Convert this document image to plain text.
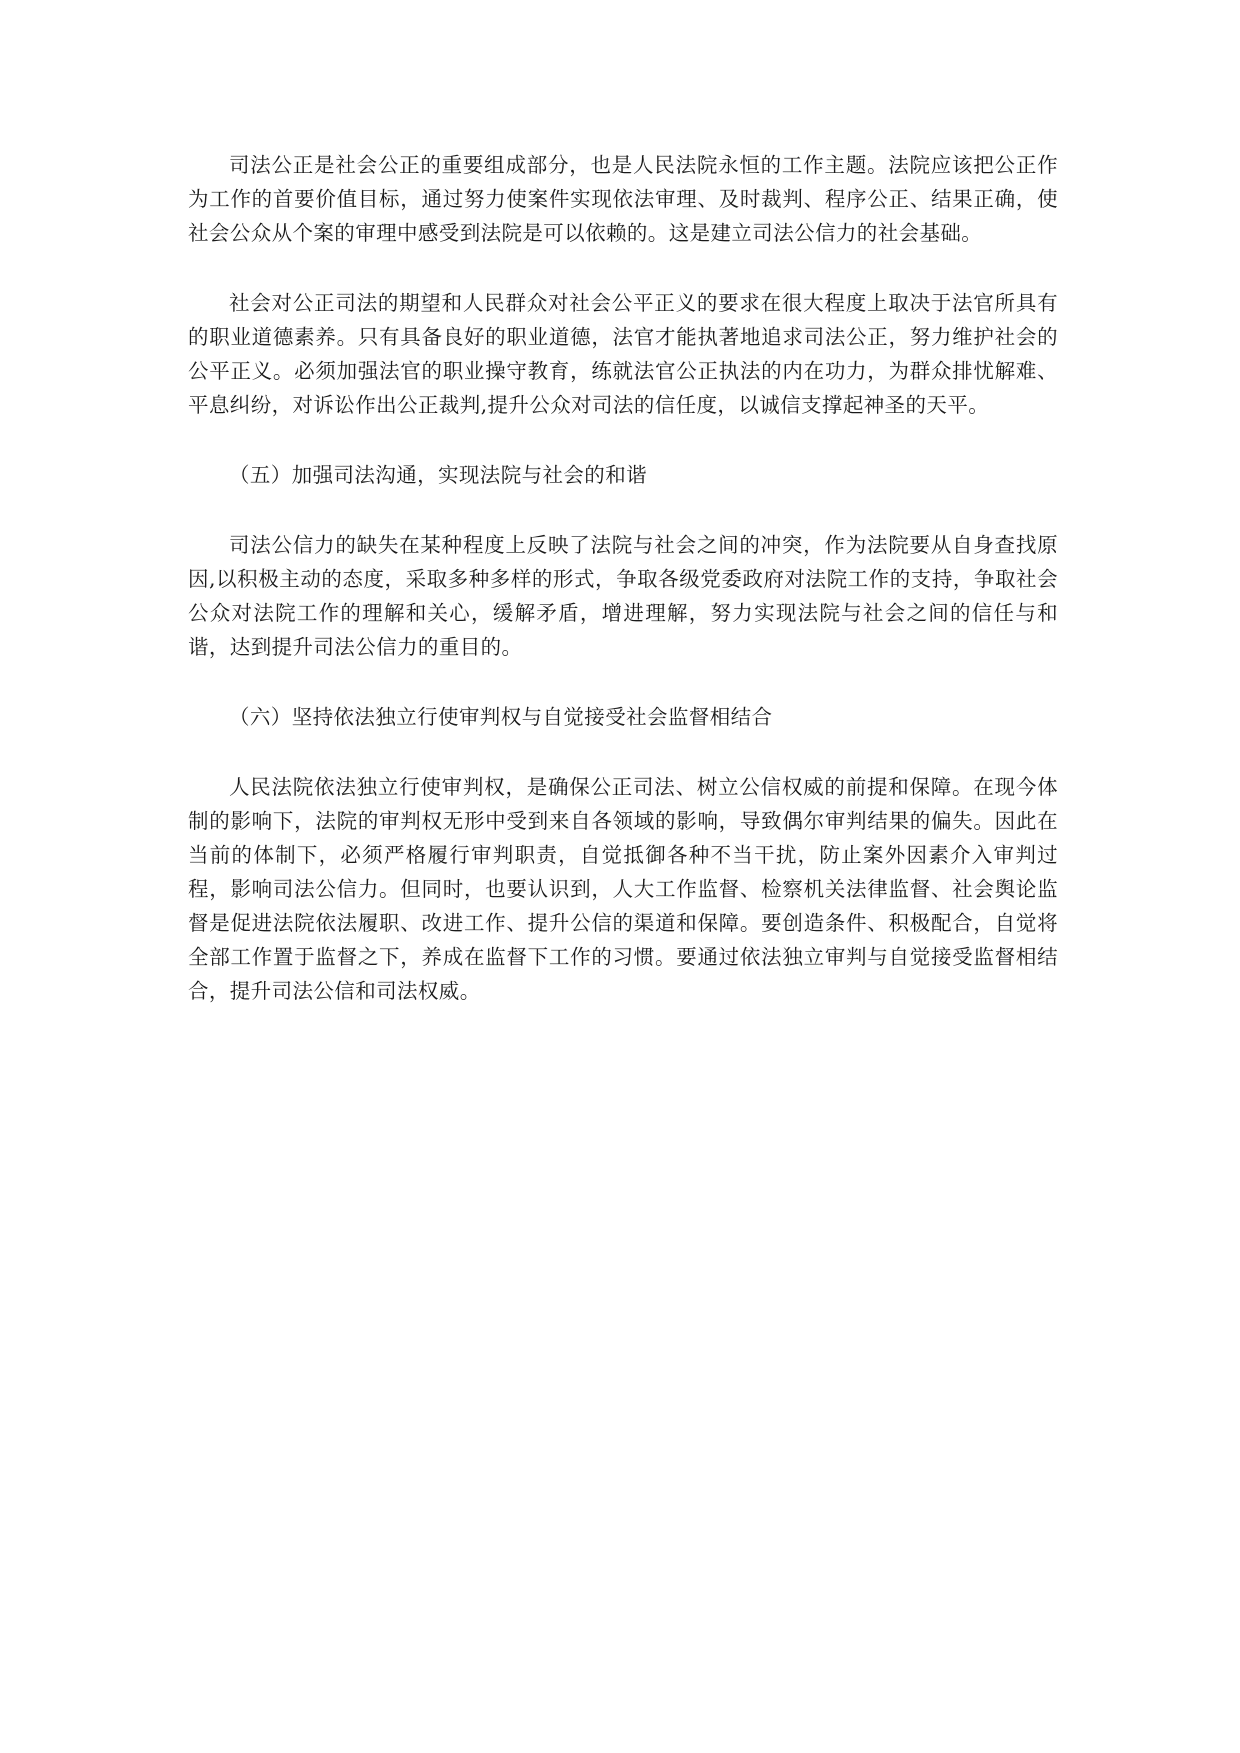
司法公正是社会公正的重要组成部分，也是人民法院永恒的工作主题。法院应该把公正作为工作的首要价值目标，通过努力使案件实现依法审理、及时裁判、程序公正、结果正确，使社会公众从个案的审理中感受到法院是可以依赖的。这是建立司法公信力的社会基础。

社会对公正司法的期望和人民群众对社会公平正义的要求在很大程度上取决于法官所具有的职业道德素养。只有具备良好的职业道德，法官才能执著地追求司法公正，努力维护社会的公平正义。必须加强法官的职业操守教育，练就法官公正执法的内在功力，为群众排忧解难、平息纠纷，对诉讼作出公正裁判,提升公众对司法的信任度，以诚信支撑起神圣的天平。

（五）加强司法沟通，实现法院与社会的和谐

司法公信力的缺失在某种程度上反映了法院与社会之间的冲突，作为法院要从自身查找原因,以积极主动的态度，采取多种多样的形式，争取各级党委政府对法院工作的支持，争取社会公众对法院工作的理解和关心，缓解矛盾，增进理解，努力实现法院与社会之间的信任与和谐，达到提升司法公信力的重目的。

（六）坚持依法独立行使审判权与自觉接受社会监督相结合

人民法院依法独立行使审判权，是确保公正司法、树立公信权威的前提和保障。在现今体制的影响下，法院的审判权无形中受到来自各领域的影响，导致偶尔审判结果的偏失。因此在当前的体制下，必须严格履行审判职责，自觉抵御各种不当干扰，防止案外因素介入审判过程，影响司法公信力。但同时，也要认识到，人大工作监督、检察机关法律监督、社会舆论监督是促进法院依法履职、改进工作、提升公信的渠道和保障。要创造条件、积极配合，自觉将全部工作置于监督之下，养成在监督下工作的习惯。要通过依法独立审判与自觉接受监督相结合，提升司法公信和司法权威。
